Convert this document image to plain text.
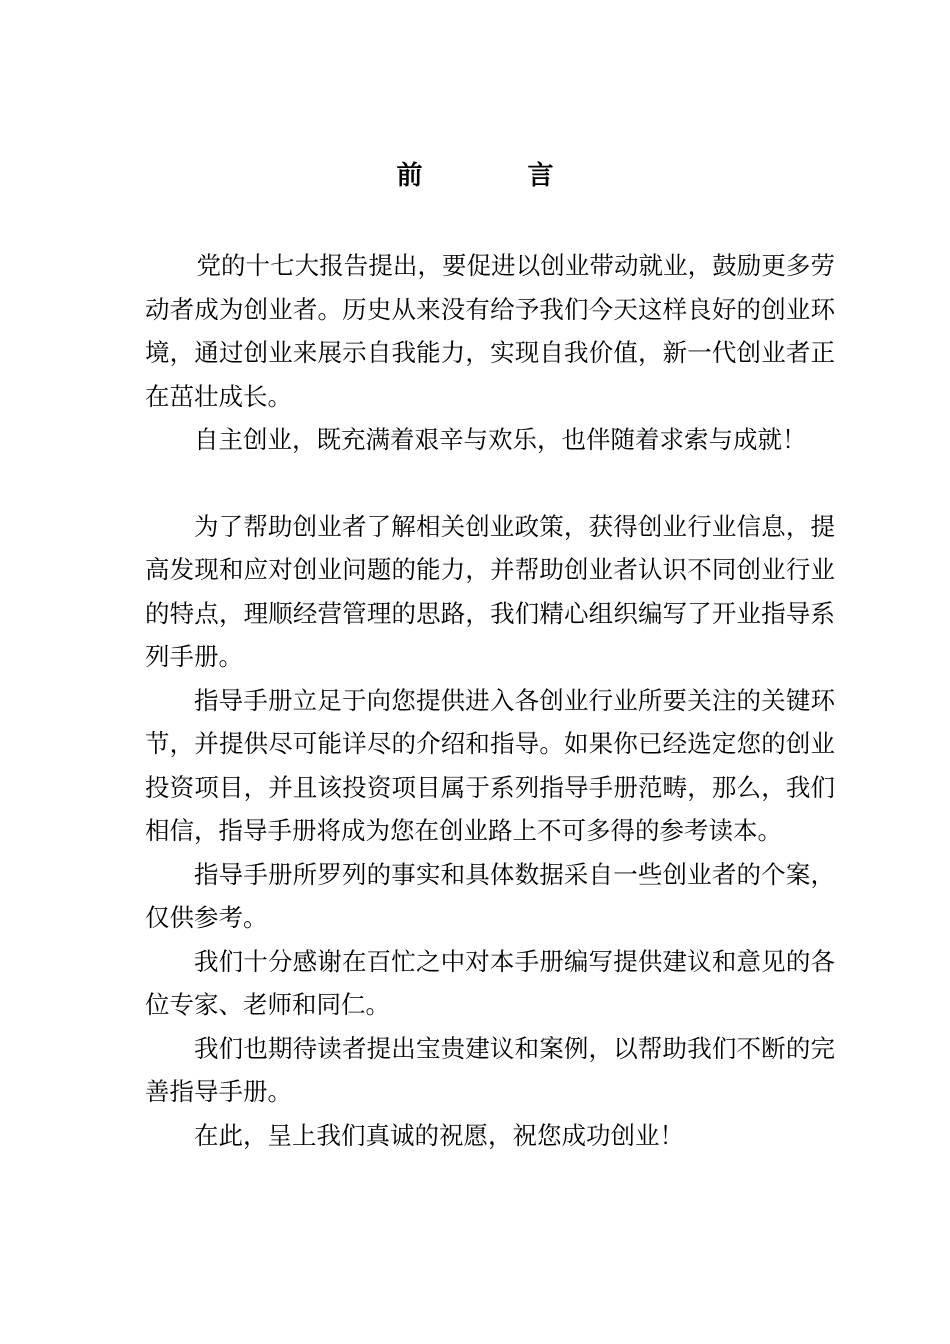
前 言

党的十七大报告提出，要促进以创业带动就业，鼓励更多劳动者成为创业者。历史从来没有给予我们今天这样良好的创业环境，通过创业来展示自我能力，实现自我价值，新一代创业者正在茁壮成长。

自主创业，既充满着艰辛与欢乐，也伴随着求索与成就！

为了帮助创业者了解相关创业政策，获得创业行业信息，提高发现和应对创业问题的能力，并帮助创业者认识不同创业行业的特点，理顺经营管理的思路，我们精心组织编写了开业指导系列手册。

指导手册立足于向您提供进入各创业行业所要关注的关键环节，并提供尽可能详尽的介绍和指导。如果你已经选定您的创业投资项目，并且该投资项目属于系列指导手册范畴，那么，我们相信，指导手册将成为您在创业路上不可多得的参考读本。

指导手册所罗列的事实和具体数据采自一些创业者的个案，仅供参考。

我们十分感谢在百忙之中对本手册编写提供建议和意见的各位专家、老师和同仁。

我们也期待读者提出宝贵建议和案例，以帮助我们不断的完善指导手册。

在此，呈上我们真诚的祝愿，祝您成功创业！
